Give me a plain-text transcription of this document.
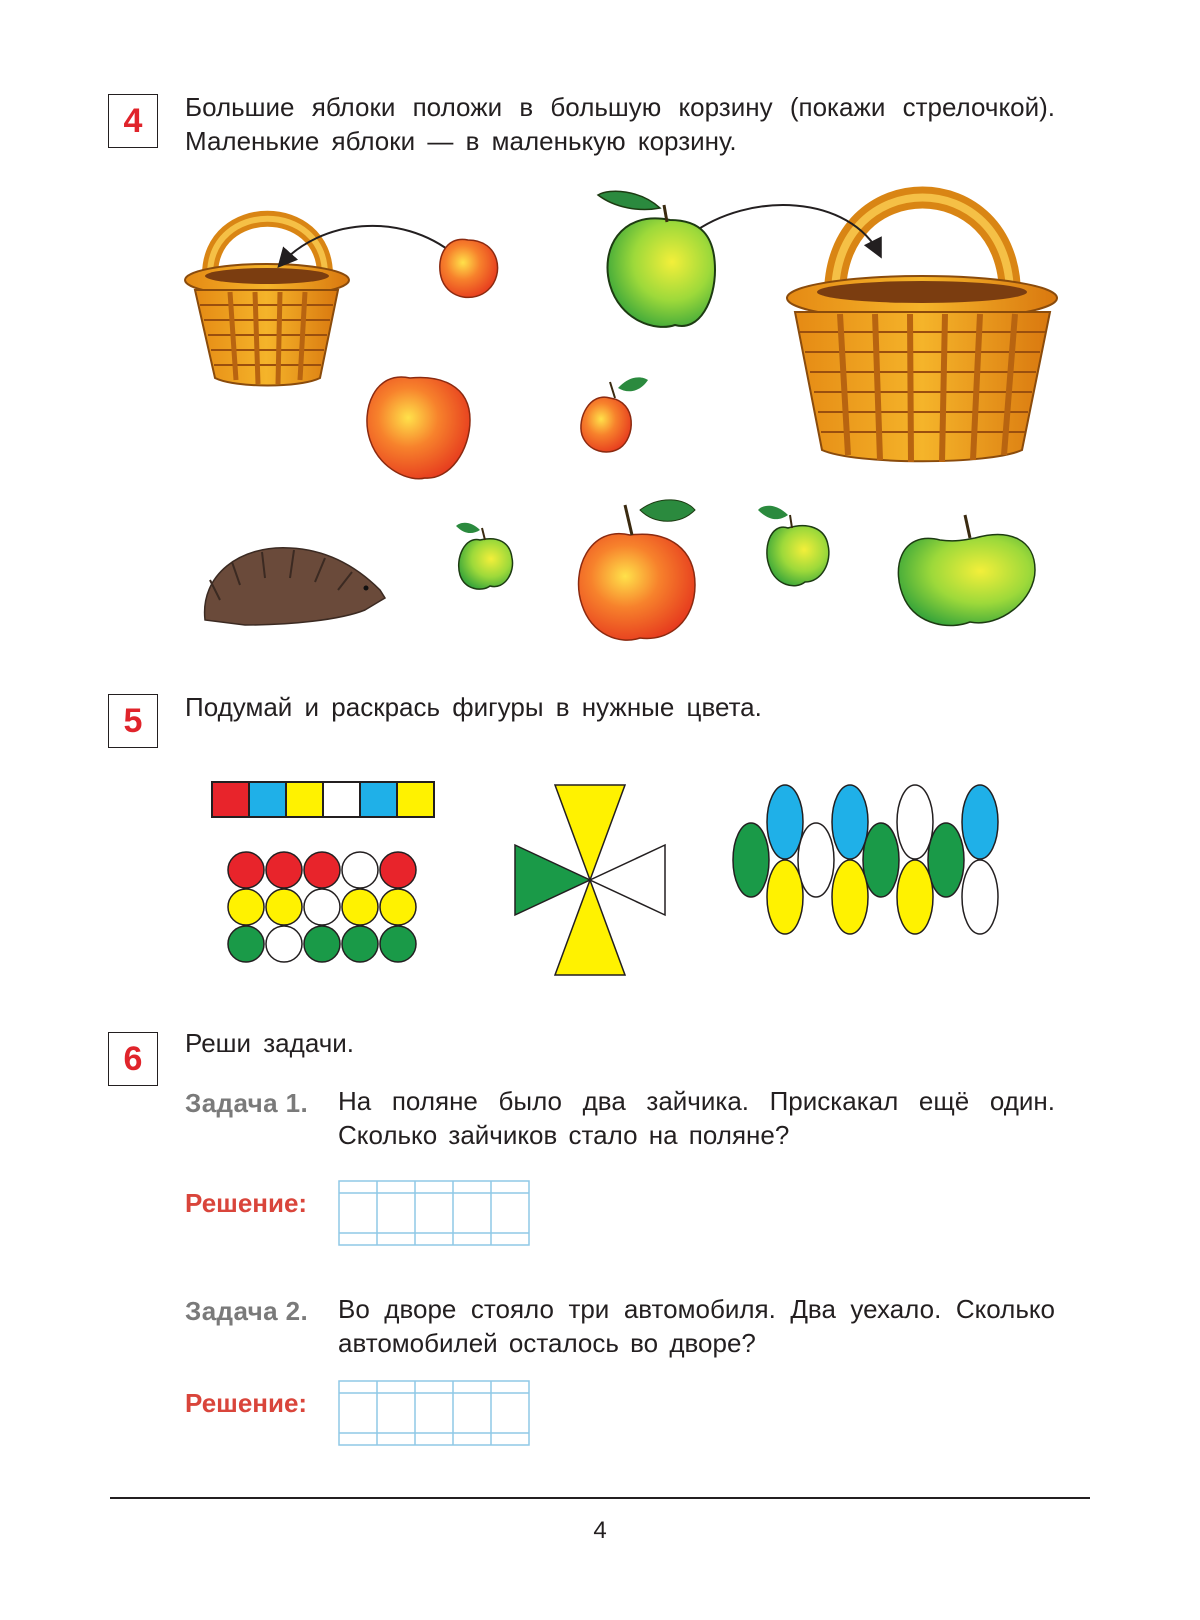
4	Большие яблоки положи в большую корзину (покажи стрелочкой). Маленькие яблоки — в маленькую корзину.
5	Подумай и раскрась фигуры в нужные цвета.
6	Реши задачи.
Задача 1. На поляне было два зайчика. Прискакал ещё один. Сколько зайчиков стало на поляне?
Решение:
Задача 2. Во дворе стояло три автомобиля. Два уехало. Сколько автомобилей осталось во дворе?
Решение:
4
